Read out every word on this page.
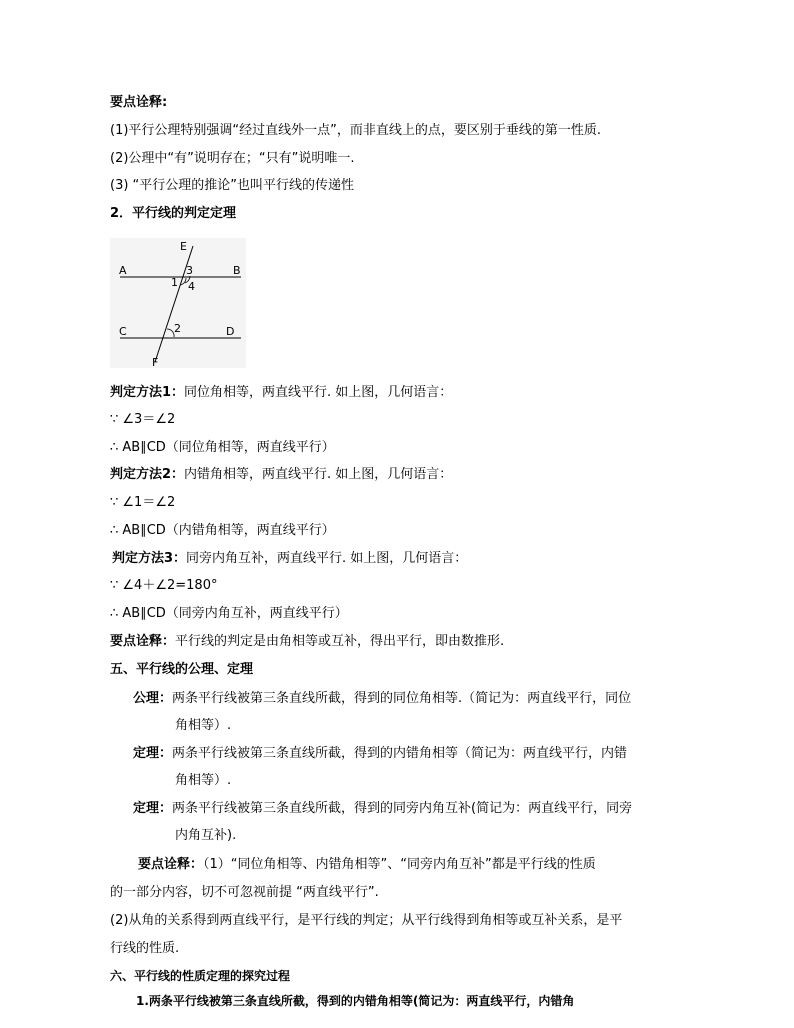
要点诠释:
(1)平行公理特别强调“经过直线外一点”，而非直线上的点，要区别于垂线的第一性质.
(2)公理中“有”说明存在；“只有”说明唯一.
(3) “平行公理的推论”也叫平行线的传递性
2．平行线的判定定理
E
A	B
3
1 4
C	D
2
F
判定方法1：同位角相等，两直线平行. 如上图，几何语言：
∵ ∠3＝∠2
∴ AB∥CD（同位角相等，两直线平行）
判定方法2：内错角相等，两直线平行. 如上图，几何语言：
∵ ∠1＝∠2
∴ AB∥CD（内错角相等，两直线平行）
判定方法3：同旁内角互补，两直线平行. 如上图，几何语言：
∵ ∠4＋∠2=180°
∴ AB∥CD（同旁内角互补，两直线平行）
要点诠释：平行线的判定是由角相等或互补，得出平行，即由数推形.
五、平行线的公理、定理
公理：两条平行线被第三条直线所截，得到的同位角相等.（简记为：两直线平行，同位
角相等）.
定理：两条平行线被第三条直线所截，得到的内错角相等（简记为：两直线平行，内错
角相等）.
定理：两条平行线被第三条直线所截，得到的同旁内角互补(简记为：两直线平行，同旁
内角互补).
要点诠释：（1）“同位角相等、内错角相等”、“同旁内角互补”都是平行线的性质
的一部分内容，切不可忽视前提 “两直线平行”.
(2)从角的关系得到两直线平行，是平行线的判定；从平行线得到角相等或互补关系，是平
行线的性质.
六、平行线的性质定理的探究过程
1.两条平行线被第三条直线所截，得到的内错角相等(简记为：两直线平行，内错角
